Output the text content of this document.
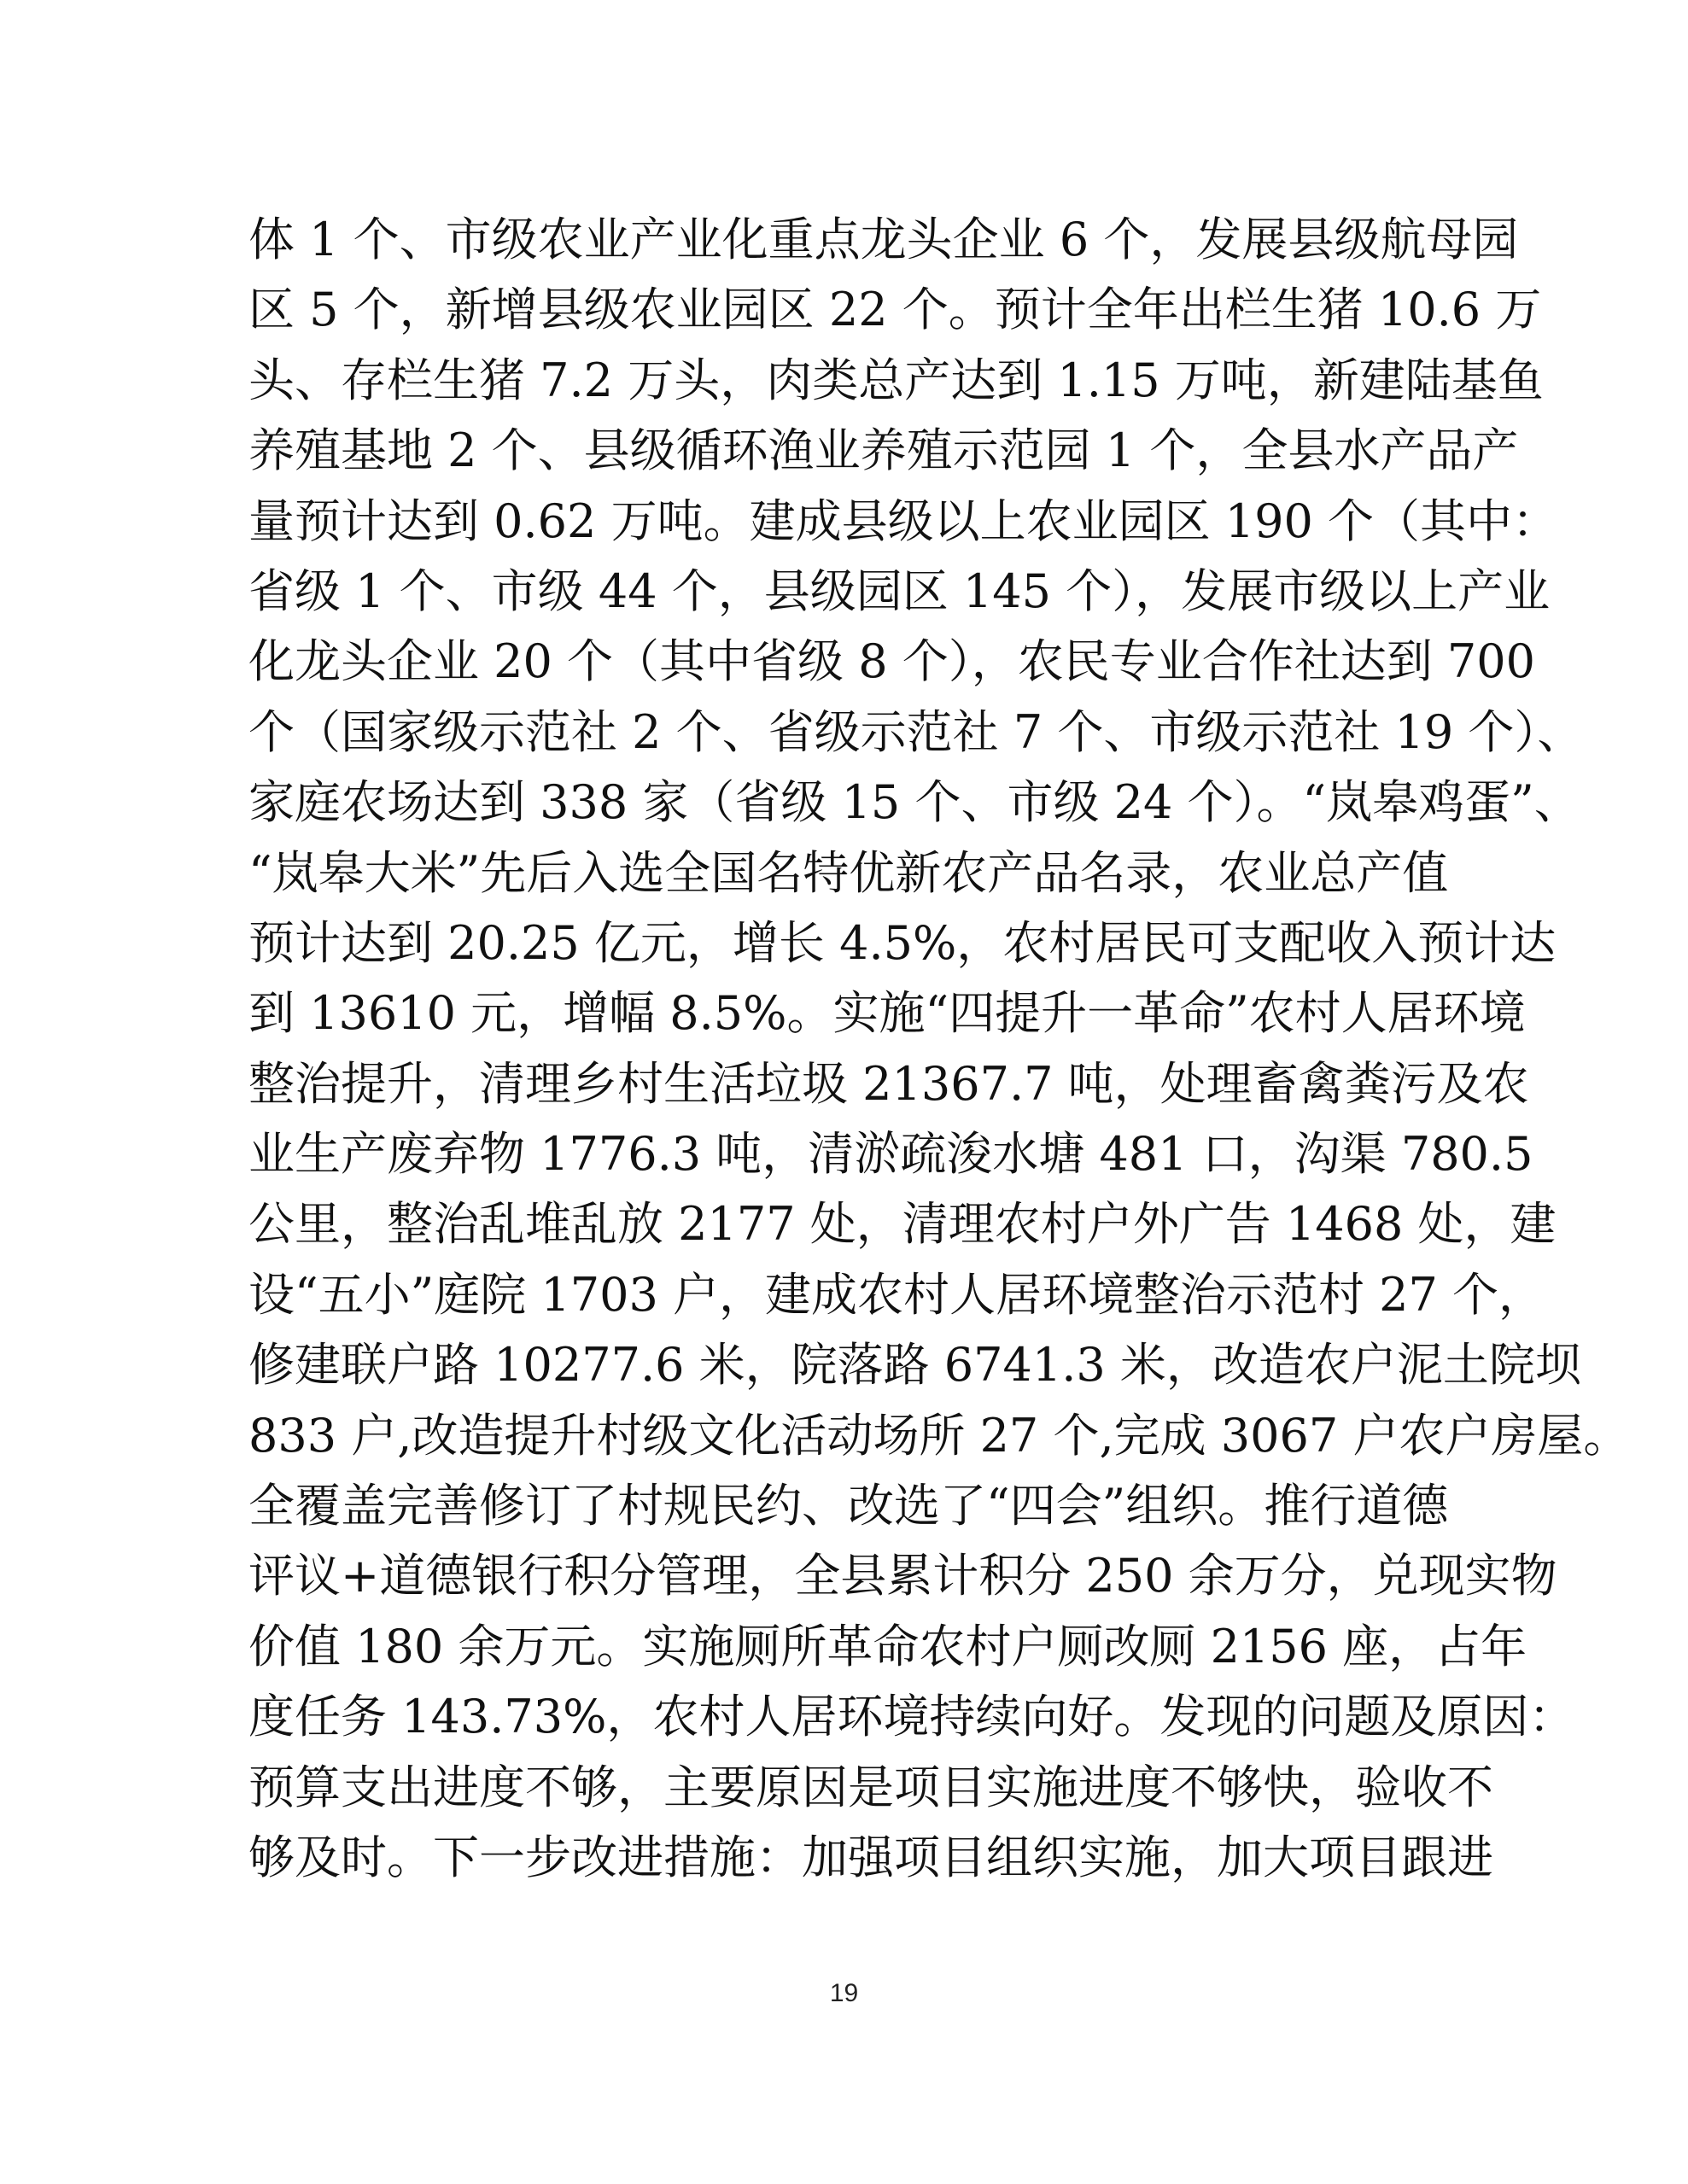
体 1 个、市级农业产业化重点龙头企业 6 个，发展县级航母园
区 5 个，新增县级农业园区 22 个。预计全年出栏生猪 10.6 万
头、存栏生猪 7.2 万头，肉类总产达到 1.15 万吨，新建陆基鱼
养殖基地 2 个、县级循环渔业养殖示范园 1 个，全县水产品产
量预计达到 0.62 万吨。建成县级以上农业园区 190 个（其中：
省级 1 个、市级 44 个，县级园区 145 个），发展市级以上产业
化龙头企业 20 个（其中省级 8 个），农民专业合作社达到 700
个（国家级示范社 2 个、省级示范社 7 个、市级示范社 19 个）、
家庭农场达到 338 家（省级 15 个、市级 24 个）。“岚皋鸡蛋”、
“岚皋大米”先后入选全国名特优新农产品名录，农业总产值
预计达到 20.25 亿元，增长 4.5%，农村居民可支配收入预计达
到 13610 元，增幅 8.5%。实施“四提升一革命”农村人居环境
整治提升，清理乡村生活垃圾 21367.7 吨，处理畜禽粪污及农
业生产废弃物 1776.3 吨，清淤疏浚水塘 481 口，沟渠 780.5
公里，整治乱堆乱放 2177 处，清理农村户外广告 1468 处，建
设“五小”庭院 1703 户，建成农村人居环境整治示范村 27 个，
修建联户路 10277.6 米，院落路 6741.3 米，改造农户泥土院坝
833 户,改造提升村级文化活动场所 27 个,完成 3067 户农户房屋。
全覆盖完善修订了村规民约、改选了“四会”组织。推行道德
评议+道德银行积分管理，全县累计积分 250 余万分，兑现实物
价值 180 余万元。实施厕所革命农村户厕改厕 2156 座，占年
度任务 143.73%，农村人居环境持续向好。发现的问题及原因：
预算支出进度不够，主要原因是项目实施进度不够快，验收不
够及时。下一步改进措施：加强项目组织实施，加大项目跟进
19
